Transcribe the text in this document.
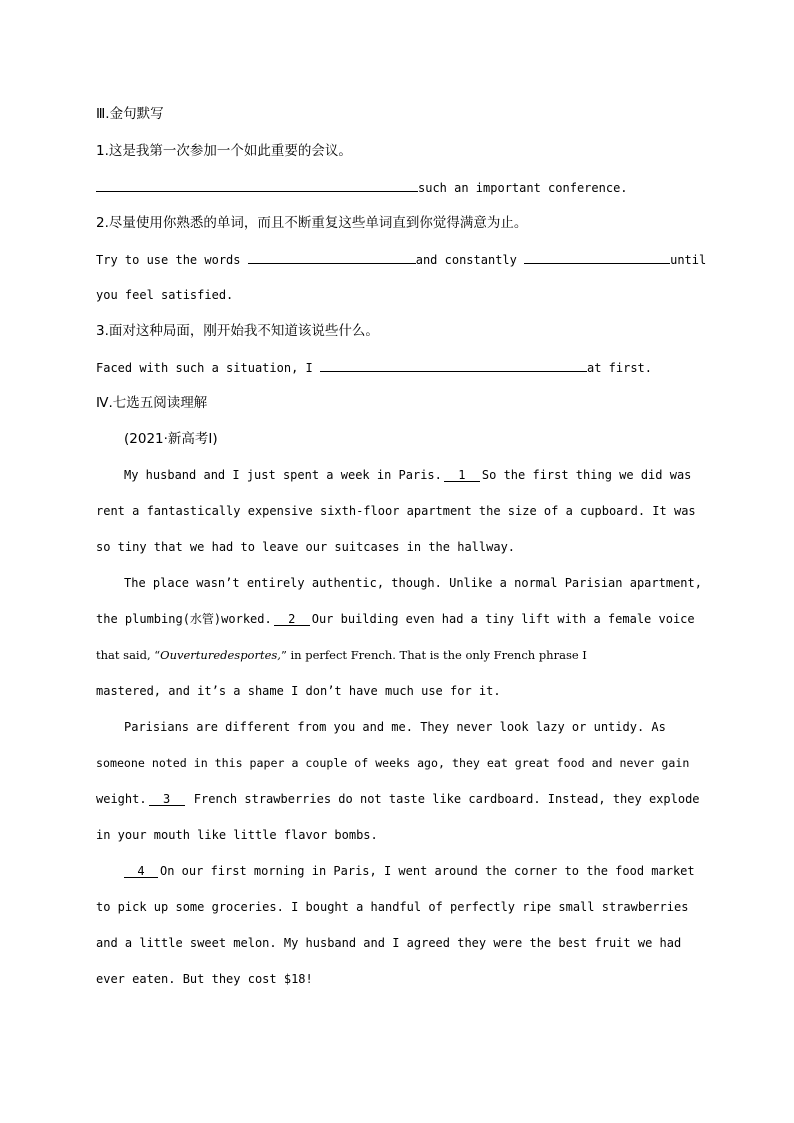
Ⅲ.金句默写
1.这是我第一次参加一个如此重要的会议。
such an important conference.
2.尽量使用你熟悉的单词，而且不断重复这些单词直到你觉得满意为止。
Try to use the words	and constantly	until
you feel satisfied.
3.面对这种局面，刚开始我不知道该说些什么。
Faced with such a situation, I	at first.
Ⅳ.七选五阅读理解
(2021·新高考Ⅰ)
My husband and I just spent a week in Paris. 1 So the first thing we did was
rent a fantastically expensive sixth-floor apartment the size of a cupboard. It was
so tiny that we had to leave our suitcases in the hallway.
The place wasn’t entirely authentic, though. Unlike a normal Parisian apartment,
the plumbing(水管)worked. 2 Our building even had a tiny lift with a female voice
that said, “Ouverturedesportes,” in perfect French. That is the only French phrase I
mastered, and it’s a shame I don’t have much use for it.
Parisians are different from you and me. They never look lazy or untidy. As
someone noted in this paper a couple of weeks ago, they eat great food and never gain
weight. 3 French strawberries do not taste like cardboard. Instead, they explode
in your mouth like little flavor bombs.
4 On our first morning in Paris, I went around the corner to the food market
to pick up some groceries. I bought a handful of perfectly ripe small strawberries
and a little sweet melon. My husband and I agreed they were the best fruit we had
ever eaten. But they cost $18!
